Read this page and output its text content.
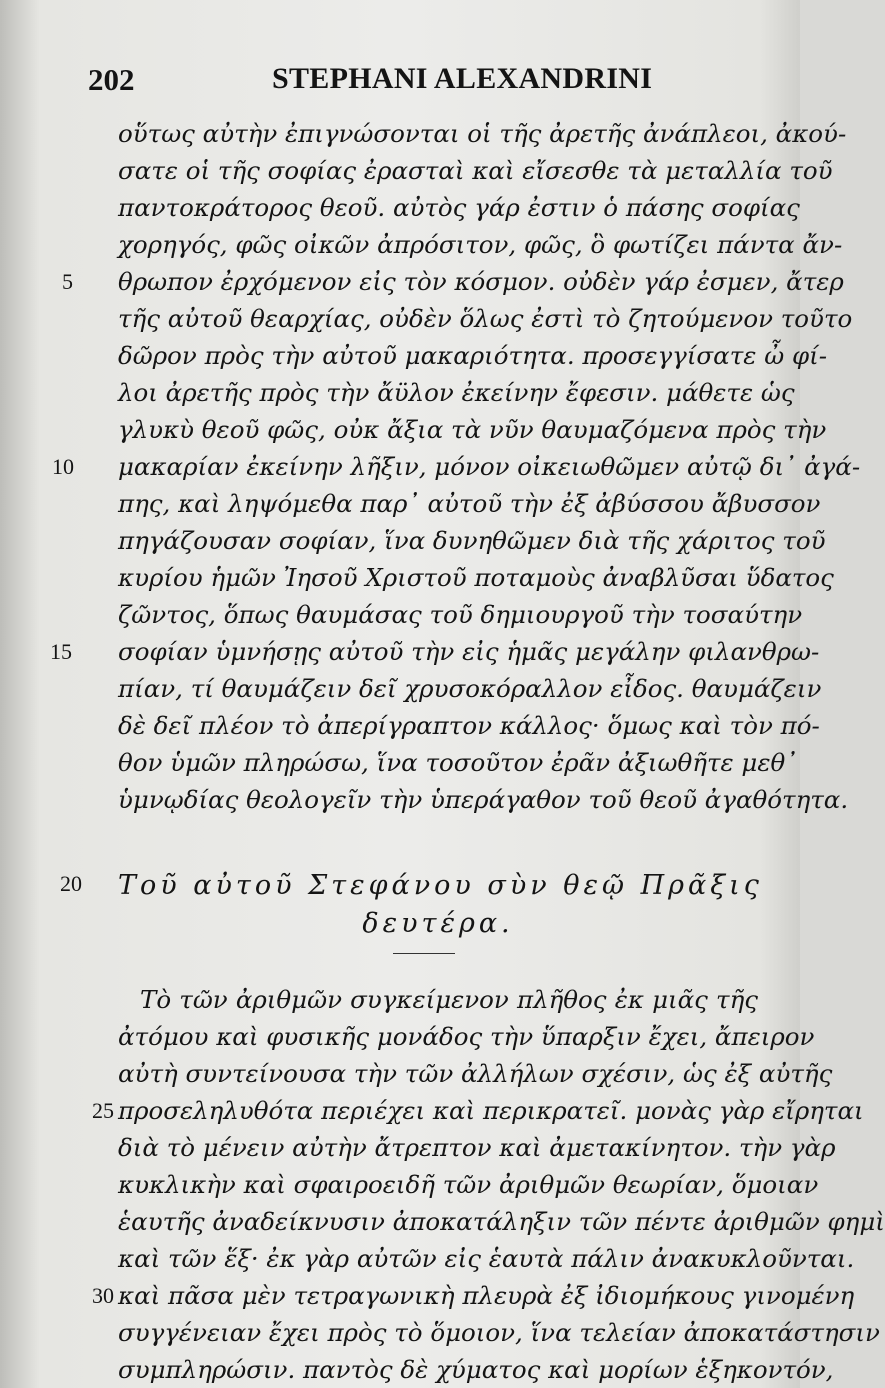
202	STEPHANI ALEXANDRINI
οὕτως αὐτὴν ἐπιγνώσονται οἱ τῆς ἀρετῆς ἀνάπλεοι, ἀκού-
σατε οἱ τῆς σοφίας ἐρασταὶ καὶ εἴσεσθε τὰ μεταλλία τοῦ
παντοκράτορος θεοῦ. αὐτὸς γάρ ἐστιν ὁ πάσης σοφίας
χορηγός, φῶς οἰκῶν ἀπρόσιτον, φῶς, ὃ φωτίζει πάντα ἄν-
θρωπον ἐρχόμενον εἰς τὸν κόσμον. οὐδὲν γάρ ἐσμεν, ἄτερ
τῆς αὐτοῦ θεαρχίας, οὐδὲν ὅλως ἐστὶ τὸ ζητούμενον τοῦτο
δῶρον πρὸς τὴν αὐτοῦ μακαριότητα. προσεγγίσατε ὦ φί-
λοι ἀρετῆς πρὸς τὴν ἄϋλον ἐκείνην ἔφεσιν. μάθετε ὡς
γλυκὺ θεοῦ φῶς, οὐκ ἄξια τὰ νῦν θαυμαζόμενα πρὸς τὴν
μακαρίαν ἐκείνην λῆξιν, μόνον οἰκειωθῶμεν αὐτῷ δι᾽ ἀγά-
πης, καὶ ληψόμεθα παρ᾽ αὐτοῦ τὴν ἐξ ἀβύσσου ἄβυσσον
πηγάζουσαν σοφίαν, ἵνα δυνηθῶμεν διὰ τῆς χάριτος τοῦ
κυρίου ἡμῶν Ἰησοῦ Χριστοῦ ποταμοὺς ἀναβλῦσαι ὕδατος
ζῶντος, ὅπως θαυμάσας τοῦ δημιουργοῦ τὴν τοσαύτην
σοφίαν ὑμνήσῃς αὐτοῦ τὴν εἰς ἡμᾶς μεγάλην φιλανθρω-
πίαν, τί θαυμάζειν δεῖ χρυσοκόραλλον εἶδος. θαυμάζειν
δὲ δεῖ πλέον τὸ ἀπερίγραπτον κάλλος· ὅμως καὶ τὸν πό-
θον ὑμῶν πληρώσω, ἵνα τοσοῦτον ἐρᾶν ἀξιωθῆτε μεθ᾽
ὑμνῳδίας θεολογεῖν τὴν ὑπεράγαθον τοῦ θεοῦ ἀγαθότητα.
Τοῦ αὐτοῦ Στεφάνου σὺν θεῷ Πρᾶξις
δευτέρα.
Τὸ τῶν ἀριθμῶν συγκείμενον πλῆθος ἐκ μιᾶς τῆς
ἀτόμου καὶ φυσικῆς μονάδος τὴν ὕπαρξιν ἔχει, ἄπειρον
αὐτὴ συντείνουσα τὴν τῶν ἀλλήλων σχέσιν, ὡς ἐξ αὐτῆς
προσεληλυθότα περιέχει καὶ περικρατεῖ. μονὰς γὰρ εἴρηται
διὰ τὸ μένειν αὐτὴν ἄτρεπτον καὶ ἀμετακίνητον. τὴν γὰρ
κυκλικὴν καὶ σφαιροειδῆ τῶν ἀριθμῶν θεωρίαν, ὅμοιαν
ἑαυτῆς ἀναδείκνυσιν ἀποκατάληξιν τῶν πέντε ἀριθμῶν φημὶ
καὶ τῶν ἕξ· ἐκ γὰρ αὐτῶν εἰς ἑαυτὰ πάλιν ἀνακυκλοῦνται.
καὶ πᾶσα μὲν τετραγωνικὴ πλευρὰ ἐξ ἰδιομήκους γινομένη
συγγένειαν ἔχει πρὸς τὸ ὅμοιον, ἵνα τελείαν ἀποκατάστησιν
συμπληρώσιν. παντὸς δὲ χύματος καὶ μορίων ἑξηκοντόν,
5
10
15
20
25
30
